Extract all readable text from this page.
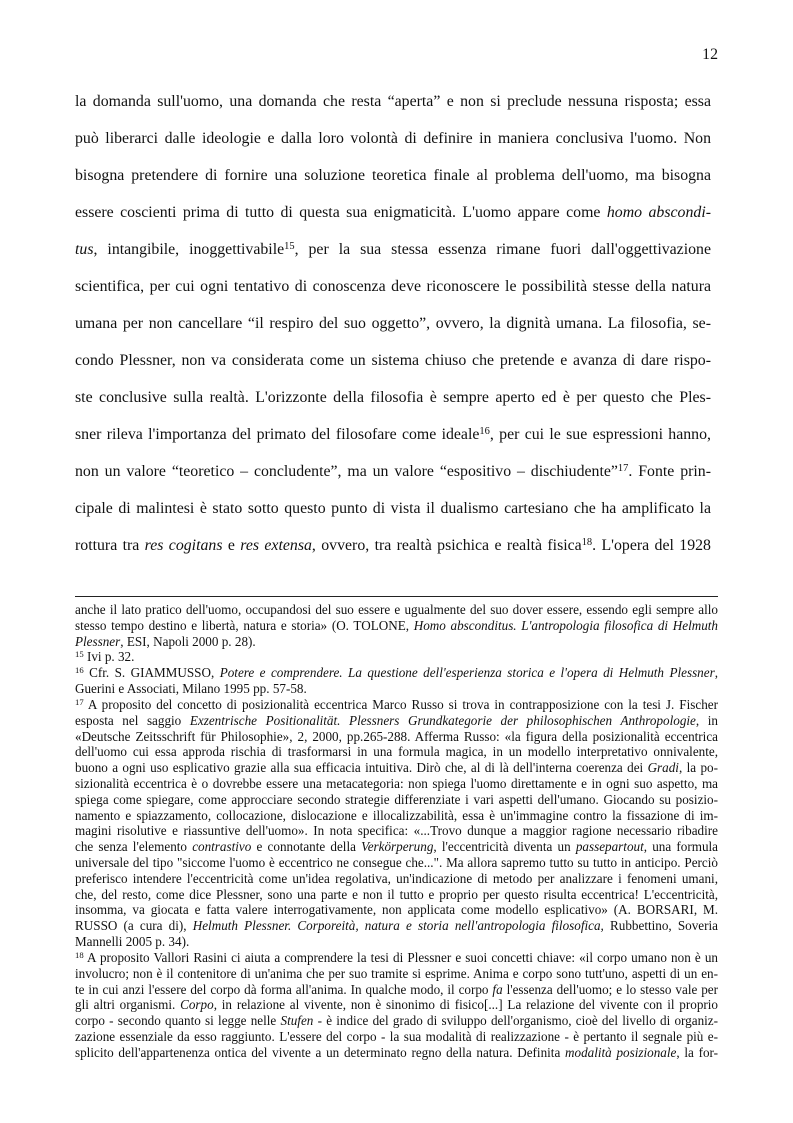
12
la domanda sull'uomo, una domanda che resta “aperta” e non si preclude nessuna risposta; essa
può liberarci dalle ideologie e dalla loro volontà di definire in maniera conclusiva l'uomo. Non
bisogna pretendere di fornire una soluzione teoretica finale al problema dell'uomo, ma bisogna
essere coscienti prima di tutto di questa sua enigmaticità. L'uomo appare come homo abscondi-
tus, intangibile, inoggettivabile$^{15}$, per la sua stessa essenza rimane fuori dall'oggettivazione
scientifica, per cui ogni tentativo di conoscenza deve riconoscere le possibilità stesse della natura
umana per non cancellare “il respiro del suo oggetto”, ovvero, la dignità umana. La filosofia, se-
condo Plessner, non va considerata come un sistema chiuso che pretende e avanza di dare rispo-
ste conclusive sulla realtà. L'orizzonte della filosofia è sempre aperto ed è per questo che Ples-
sner rileva l'importanza del primato del filosofare come ideale$^{16}$, per cui le sue espressioni hanno,
non un valore “teoretico – concludente”, ma un valore “espositivo – dischiudente”$^{17}$. Fonte prin-
cipale di malintesi è stato sotto questo punto di vista il dualismo cartesiano che ha amplificato la
rottura tra res cogitans e res extensa, ovvero, tra realtà psichica e realtà fisica$^{18}$. L'opera del 1928
anche il lato pratico dell'uomo, occupandosi del suo essere e ugualmente del suo dover essere, essendo egli sempre allo
stesso tempo destino e libertà, natura e storia» (O. TOLONE, Homo absconditus. L'antropologia filosofica di Helmuth
Plessner, ESI, Napoli 2000 p. 28).
$^{15}$ Ivi p. 32.
$^{16}$ Cfr. S. GIAMMUSSO, Potere e comprendere. La questione dell'esperienza storica e l'opera di Helmuth Plessner,
Guerini e Associati, Milano 1995 pp. 57-58.
$^{17}$ A proposito del concetto di posizionalità eccentrica Marco Russo si trova in contrapposizione con la tesi J. Fischer
esposta nel saggio Exzentrische Positionalität. Plessners Grundkategorie der philosophischen Anthropologie, in
«Deutsche Zeitsschrift für Philosophie», 2, 2000, pp.265-288. Afferma Russo: «la figura della posizionalità eccentrica
dell'uomo cui essa approda rischia di trasformarsi in una formula magica, in un modello interpretativo onnivalente,
buono a ogni uso esplicativo grazie alla sua efficacia intuitiva. Dirò che, al di là dell'interna coerenza dei Gradi, la po-
sizionalità eccentrica è o dovrebbe essere una metacategoria: non spiega l'uomo direttamente e in ogni suo aspetto, ma
spiega come spiegare, come approcciare secondo strategie differenziate i vari aspetti dell'umano. Giocando su posizio-
namento e spiazzamento, collocazione, dislocazione e illocalizzabilità, essa è un'immagine contro la fissazione di im-
magini risolutive e riassuntive dell'uomo». In nota specifica: «...Trovo dunque a maggior ragione necessario ribadire
che senza l'elemento contrastivo e connotante della Verkörperung, l'eccentricità diventa un passepartout, una formula
universale del tipo "siccome l'uomo è eccentrico ne consegue che...". Ma allora sapremo tutto su tutto in anticipo. Perciò
preferisco intendere l'eccentricità come un'idea regolativa, un'indicazione di metodo per analizzare i fenomeni umani,
che, del resto, come dice Plessner, sono una parte e non il tutto e proprio per questo risulta eccentrica! L'eccentricità,
insomma, va giocata e fatta valere interrogativamente, non applicata come modello esplicativo» (A. BORSARI, M.
RUSSO (a cura di), Helmuth Plessner. Corporeità, natura e storia nell'antropologia filosofica, Rubbettino, Soveria
Mannelli 2005 p. 34).
$^{18}$ A proposito Vallori Rasini ci aiuta a comprendere la tesi di Plessner e suoi concetti chiave: «il corpo umano non è un
involucro; non è il contenitore di un'anima che per suo tramite si esprime. Anima e corpo sono tutt'uno, aspetti di un en-
te in cui anzi l'essere del corpo dà forma all'anima. In qualche modo, il corpo fa l'essenza dell'uomo; e lo stesso vale per
gli altri organismi. Corpo, in relazione al vivente, non è sinonimo di fisico[...] La relazione del vivente con il proprio
corpo - secondo quanto si legge nelle Stufen - è indice del grado di sviluppo dell'organismo, cioè del livello di organiz-
zazione essenziale da esso raggiunto. L'essere del corpo - la sua modalità di realizzazione - è pertanto il segnale più e-
splicito dell'appartenenza ontica del vivente a un determinato regno della natura. Definita modalità posizionale, la for-
